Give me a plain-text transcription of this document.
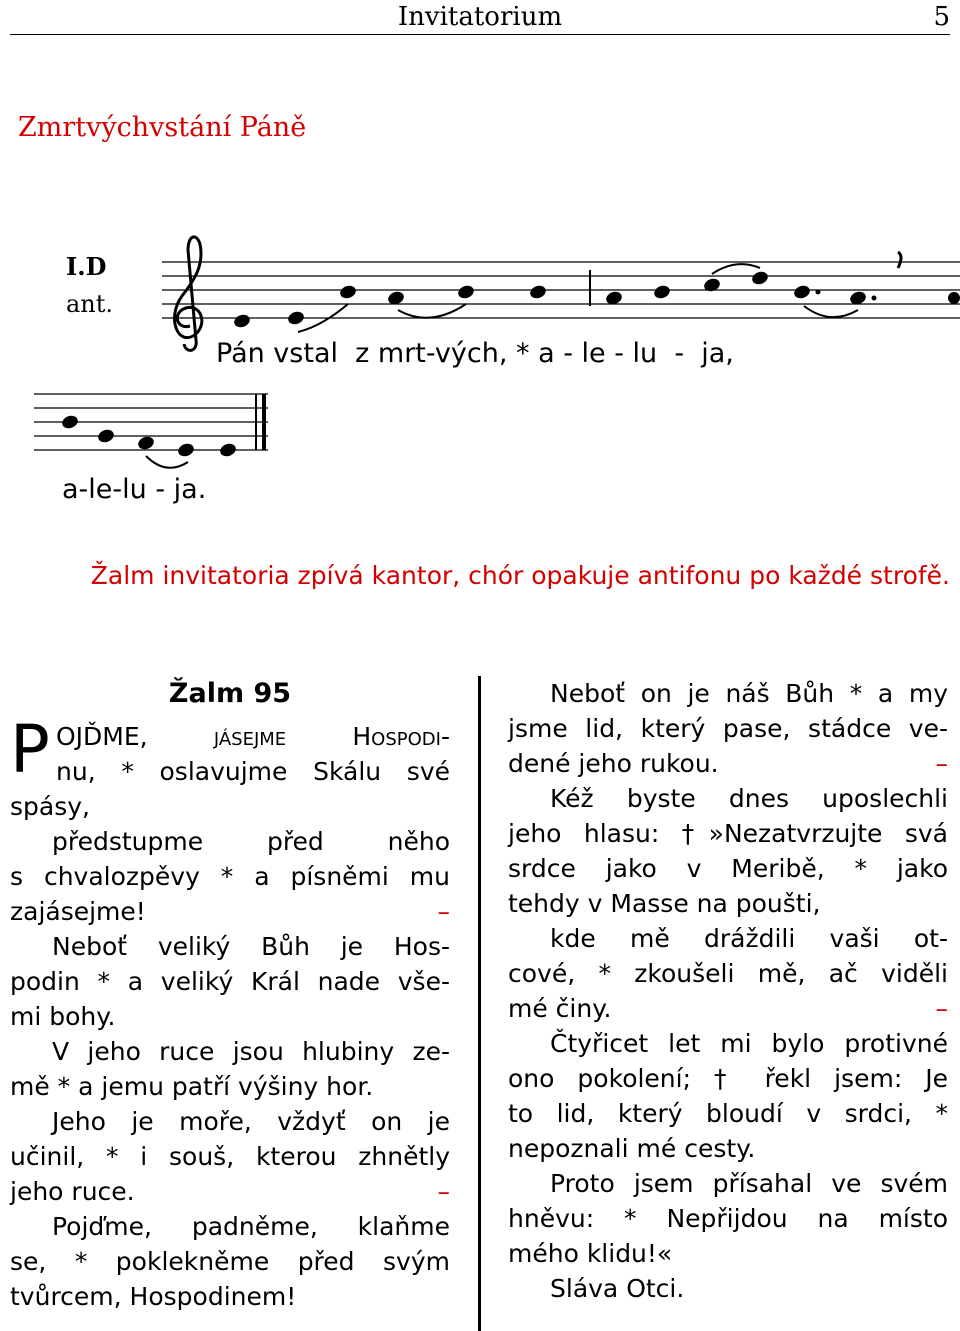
Invitatorium	5
Zmrtvýchvstání Páně
I.D
ant.
Pán vstal  z mrt-vých, * a - le - lu  -  ja,
a-le-lu - ja.
Žalm invitatoria zpívá kantor, chór opakuje antifonu po každé strofě.
Žalm 95
P OJĎME, jásejme Hospodi-
nu, * oslavujme Skálu své
spásy,
předstupme před něho
s chvalozpěvy * a písněmi mu
zajásejme!	–
Neboť veliký Bůh je Hos-
podin * a veliký Král nade vše-
mi bohy.
V jeho ruce jsou hlubiny ze-
mě * a jemu patří výšiny hor.
Jeho je moře, vždyť on je
učinil, * i souš, kterou zhnětly
jeho ruce.	–
Pojďme, padněme, klaňme
se, * poklekněme před svým
tvůrcem, Hospodinem!
Neboť on je náš Bůh * a my
jsme lid, který pase, stádce ve-
dené jeho rukou.	–
Kéž byste dnes uposlechli
jeho hlasu: †»Nezatvrzujte svá
srdce jako v Meribě, * jako
tehdy v Masse na poušti,
kde mě dráždili vaši ot-
cové, * zkoušeli mě, ač viděli
mé činy.	–
Čtyřicet let mi bylo protivné
ono pokolení; † řekl jsem: Je
to lid, který bloudí v srdci, *
nepoznali mé cesty.
Proto jsem přísahal ve svém
hněvu: * Nepřijdou na místo
mého klidu!«
Sláva Otci.
